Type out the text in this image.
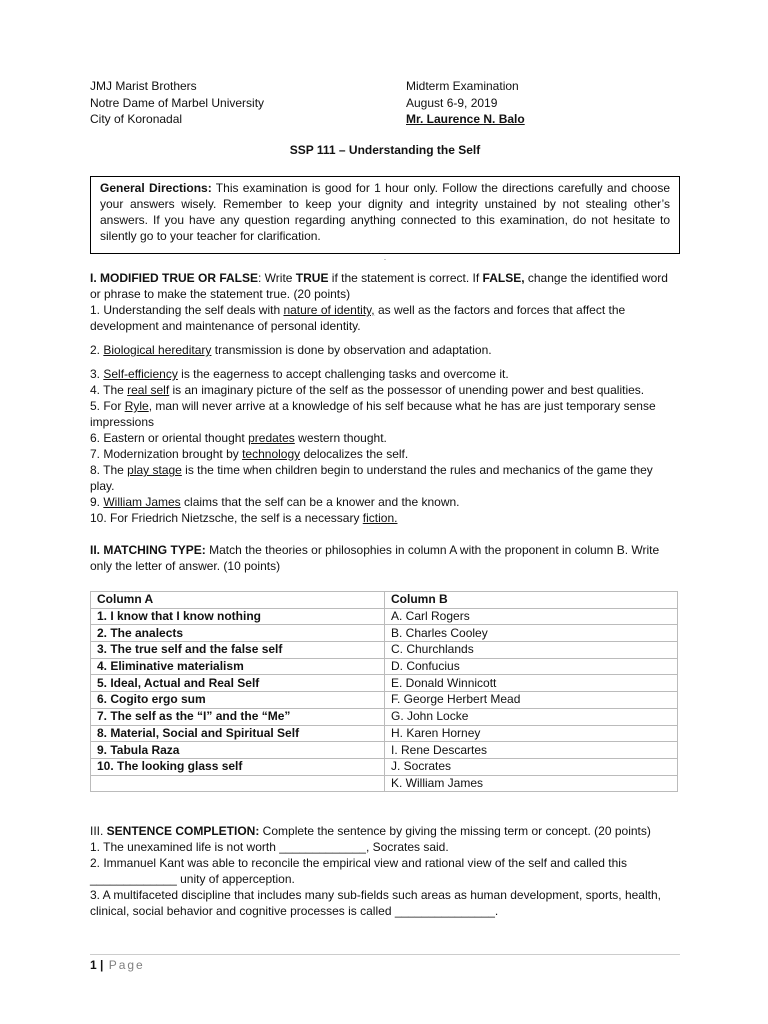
JMJ Marist Brothers
Notre Dame of Marbel University
City of Koronadal
Midterm Examination
August 6-9, 2019
Mr. Laurence N. Balo
SSP 111 – Understanding the Self
General Directions: This examination is good for 1 hour only. Follow the directions carefully and choose your answers wisely. Remember to keep your dignity and integrity unstained by not stealing other’s answers. If you have any question regarding anything connected to this examination, do not hesitate to silently go to your teacher for clarification.
·
I. MODIFIED TRUE OR FALSE: Write TRUE if the statement is correct. If FALSE, change the identified word or phrase to make the statement true. (20 points)
1. Understanding the self deals with nature of identity, as well as the factors and forces that affect the development and maintenance of personal identity.
2. Biological hereditary transmission is done by observation and adaptation.
3. Self-efficiency is the eagerness to accept challenging tasks and overcome it.
4. The real self is an imaginary picture of the self as the possessor of unending power and best qualities.
5. For Ryle, man will never arrive at a knowledge of his self because what he has are just temporary sense impressions
6. Eastern or oriental thought predates western thought.
7. Modernization brought by technology delocalizes the self.
8. The play stage is the time when children begin to understand the rules and mechanics of the game they play.
9. William James claims that the self can be a knower and the known.
10. For Friedrich Nietzsche, the self is a necessary fiction.
II. MATCHING TYPE: Match the theories or philosophies in column A with the proponent in column B. Write only the letter of answer. (10 points)
Column A	Column B
1. I know that I know nothing	A. Carl Rogers
2. The analects	B. Charles Cooley
3. The true self and the false self	C. Churchlands
4. Eliminative materialism	D. Confucius
5. Ideal, Actual and Real Self	E. Donald Winnicott
6. Cogito ergo sum	F. George Herbert Mead
7. The self as the “I” and the “Me”	G. John Locke
8. Material, Social and Spiritual Self	H. Karen Horney
9. Tabula Raza	I. Rene Descartes
10. The looking glass self	J. Socrates
	K. William James
III. SENTENCE COMPLETION: Complete the sentence by giving the missing term or concept. (20 points)
1. The unexamined life is not worth _____________, Socrates said.
2. Immanuel Kant was able to reconcile the empirical view and rational view of the self and called this _____________ unity of apperception.
3. A multifaceted discipline that includes many sub-fields such areas as human development, sports, health, clinical, social behavior and cognitive processes is called _______________.
1 | Page
